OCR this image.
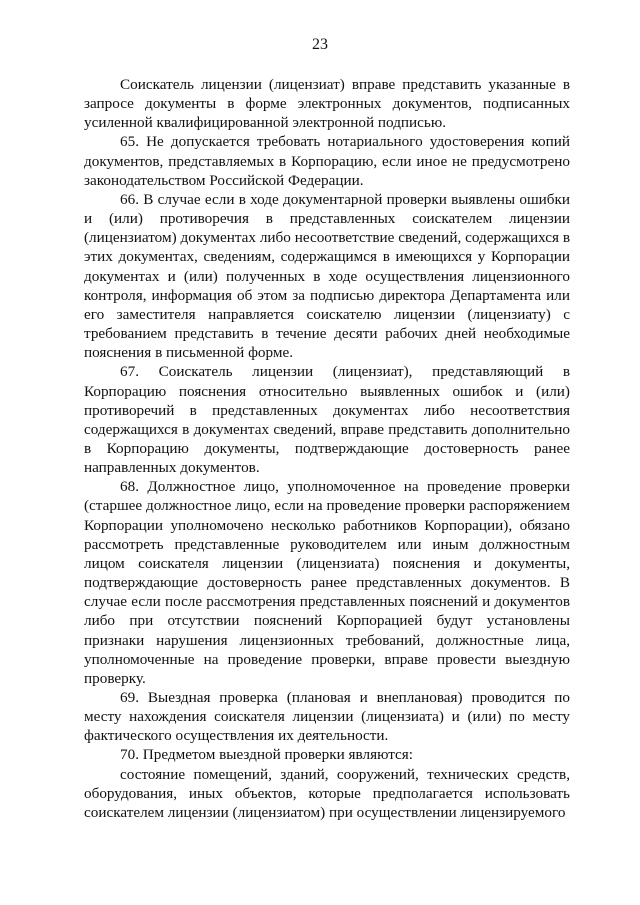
23

Соискатель лицензии (лицензиат) вправе представить указанные в запросе документы в форме электронных документов, подписанных усиленной квалифицированной электронной подписью.

65. Не допускается требовать нотариального удостоверения копий документов, представляемых в Корпорацию, если иное не предусмотрено законодательством Российской Федерации.

66. В случае если в ходе документарной проверки выявлены ошибки и (или) противоречия в представленных соискателем лицензии (лицензиатом) документах либо несоответствие сведений, содержащихся в этих документах, сведениям, содержащимся в имеющихся у Корпорации документах и (или) полученных в ходе осуществления лицензионного контроля, информация об этом за подписью директора Департамента или его заместителя направляется соискателю лицензии (лицензиату) с требованием представить в течение десяти рабочих дней необходимые пояснения в письменной форме.

67. Соискатель лицензии (лицензиат), представляющий в Корпорацию пояснения относительно выявленных ошибок и (или) противоречий в представленных документах либо несоответствия содержащихся в документах сведений, вправе представить дополнительно в Корпорацию документы, подтверждающие достоверность ранее направленных документов.

68. Должностное лицо, уполномоченное на проведение проверки (старшее должностное лицо, если на проведение проверки распоряжением Корпорации уполномочено несколько работников Корпорации), обязано рассмотреть представленные руководителем или иным должностным лицом соискателя лицензии (лицензиата) пояснения и документы, подтверждающие достоверность ранее представленных документов. В случае если после рассмотрения представленных пояснений и документов либо при отсутствии пояснений Корпорацией будут установлены признаки нарушения лицензионных требований, должностные лица, уполномоченные на проведение проверки, вправе провести выездную проверку.

69. Выездная проверка (плановая и внеплановая) проводится по месту нахождения соискателя лицензии (лицензиата) и (или) по месту фактического осуществления их деятельности.

70. Предметом выездной проверки являются:

состояние помещений, зданий, сооружений, технических средств, оборудования, иных объектов, которые предполагается использовать соискателем лицензии (лицензиатом) при осуществлении лицензируемого
